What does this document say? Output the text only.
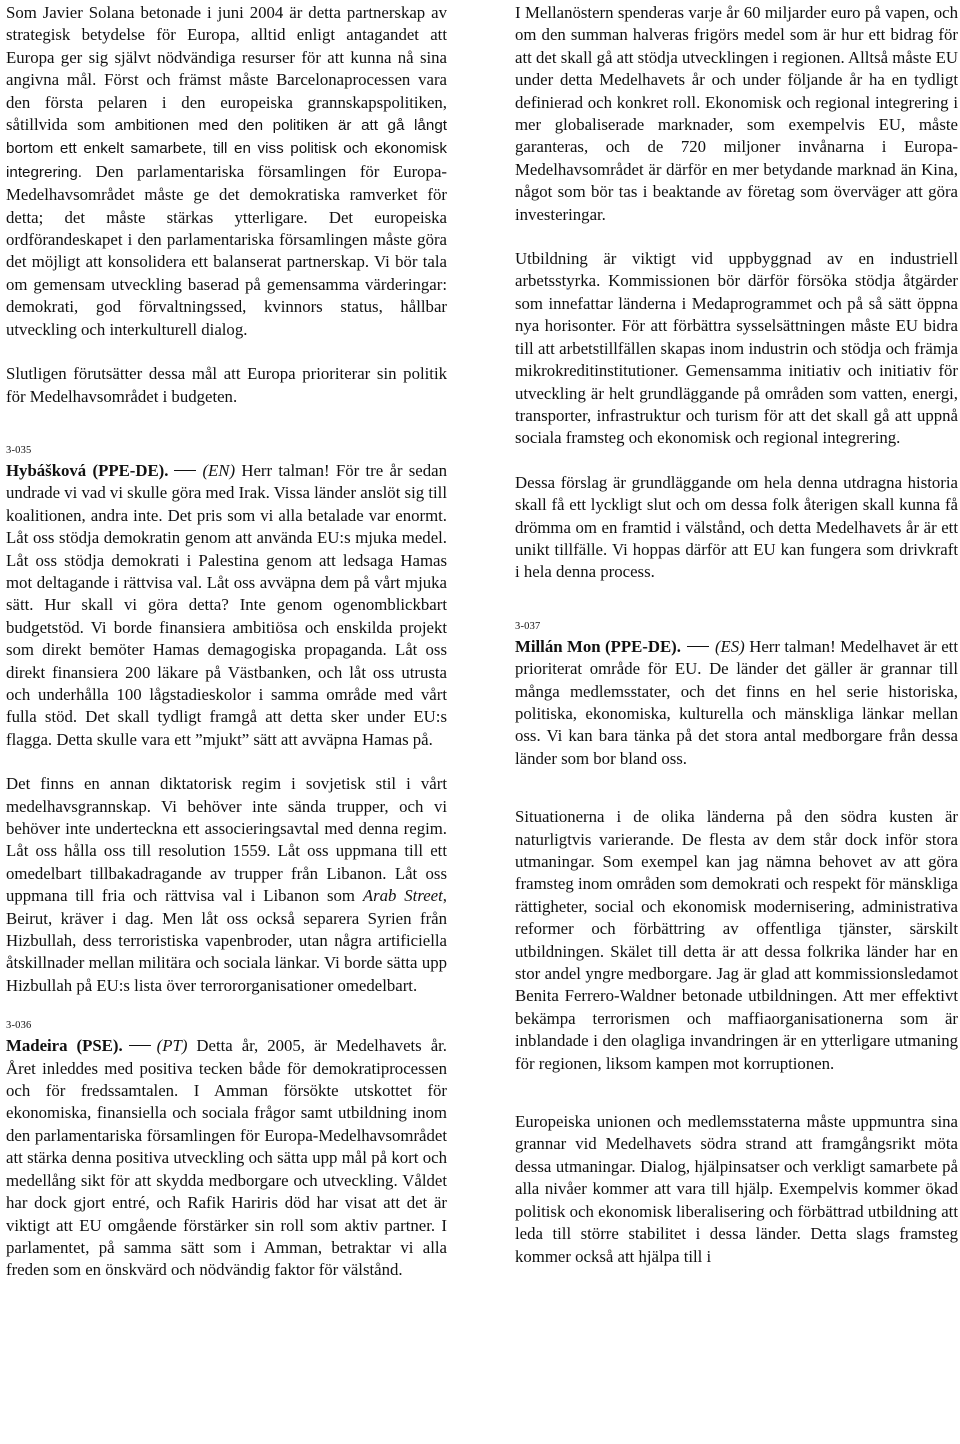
Som Javier Solana betonade i juni 2004 är detta partnerskap av strategisk betydelse för Europa, alltid enligt antagandet att Europa ger sig självt nödvändiga resurser för att kunna nå sina angivna mål. Först och främst måste Barcelonaprocessen vara den första pelaren i den europeiska grannskapspolitiken, såtillvida som ambitionen med den politiken är att gå långt bortom ett enkelt samarbete, till en viss politisk och ekonomisk integrering. Den parlamentariska församlingen för Europa-Medelhavsområdet måste ge det demokratiska ramverket för detta; det måste stärkas ytterligare. Det europeiska ordförandeskapet i den parlamentariska församlingen måste göra det möjligt att konsolidera ett balanserat partnerskap. Vi bör tala om gemensam utveckling baserad på gemensamma värderingar: demokrati, god förvaltningssed, kvinnors status, hållbar utveckling och interkulturell dialog.

Slutligen förutsätter dessa mål att Europa prioriterar sin politik för Medelhavsområdet i budgeten.

3-035

Hybášková (PPE-DE). (EN) Herr talman! För tre år sedan undrade vi vad vi skulle göra med Irak. Vissa länder anslöt sig till koalitionen, andra inte. Det pris som vi alla betalade var enormt. Låt oss stödja demokratin genom att använda EU:s mjuka medel. Låt oss stödja demokrati i Palestina genom att ledsaga Hamas mot deltagande i rättvisa val. Låt oss avväpna dem på vårt mjuka sätt. Hur skall vi göra detta? Inte genom ogenomblickbart budgetstöd. Vi borde finansiera ambitiösa och enskilda projekt som direkt bemöter Hamas demagogiska propaganda. Låt oss direkt finansiera 200 läkare på Västbanken, och låt oss utrusta och underhålla 100 lågstadieskolor i samma område med vårt fulla stöd. Det skall tydligt framgå att detta sker under EU:s flagga. Detta skulle vara ett ”mjukt” sätt att avväpna Hamas på.

Det finns en annan diktatorisk regim i sovjetisk stil i vårt medelhavsgrannskap. Vi behöver inte sända trupper, och vi behöver inte underteckna ett associeringsavtal med denna regim. Låt oss hålla oss till resolution 1559. Låt oss uppmana till ett omedelbart tillbakadragande av trupper från Libanon. Låt oss uppmana till fria och rättvisa val i Libanon som Arab Street, Beirut, kräver i dag. Men låt oss också separera Syrien från Hizbullah, dess terroristiska vapenbroder, utan några artificiella åtskillnader mellan militära och sociala länkar. Vi borde sätta upp Hizbullah på EU:s lista över terrororganisationer omedelbart.

3-036

Madeira (PSE). (PT) Detta år, 2005, är Medelhavets år. Året inleddes med positiva tecken både för demokratiprocessen och för fredssamtalen. I Amman försökte utskottet för ekonomiska, finansiella och sociala frågor samt utbildning inom den parlamentariska församlingen för Europa-Medelhavsområdet att stärka denna positiva utveckling och sätta upp mål på kort och medellång sikt för att skydda medborgare och utveckling. Våldet har dock gjort entré, och Rafik Hariris död har visat att det är viktigt att EU omgående förstärker sin roll som aktiv partner. I parlamentet, på samma sätt som i Amman, betraktar vi alla freden som en önskvärd och nödvändig faktor för välstånd.

I Mellanöstern spenderas varje år 60 miljarder euro på vapen, och om den summan halveras frigörs medel som är hur ett bidrag för att det skall gå att stödja utvecklingen i regionen. Alltså måste EU under detta Medelhavets år och under följande år ha en tydligt definierad och konkret roll. Ekonomisk och regional integrering i mer globaliserade marknader, som exempelvis EU, måste garanteras, och de 720 miljoner invånarna i Europa-Medelhavsområdet är därför en mer betydande marknad än Kina, något som bör tas i beaktande av företag som överväger att göra investeringar.

Utbildning är viktigt vid uppbyggnad av en industriell arbetsstyrka. Kommissionen bör därför försöka stödja åtgärder som innefattar länderna i Medaprogrammet och på så sätt öppna nya horisonter. För att förbättra sysselsättningen måste EU bidra till att arbetstillfällen skapas inom industrin och stödja och främja mikrokreditinstitutioner. Gemensamma initiativ och initiativ för utveckling är helt grundläggande på områden som vatten, energi, transporter, infrastruktur och turism för att det skall gå att uppnå sociala framsteg och ekonomisk och regional integrering.

Dessa förslag är grundläggande om hela denna utdragna historia skall få ett lyckligt slut och om dessa folk återigen skall kunna få drömma om en framtid i välstånd, och detta Medelhavets år är ett unikt tillfälle. Vi hoppas därför att EU kan fungera som drivkraft i hela denna process.

3-037

Millán Mon (PPE-DE). (ES) Herr talman! Medelhavet är ett prioriterat område för EU. De länder det gäller är grannar till många medlemsstater, och det finns en hel serie historiska, politiska, ekonomiska, kulturella och mänskliga länkar mellan oss. Vi kan bara tänka på det stora antal medborgare från dessa länder som bor bland oss.

Situationerna i de olika länderna på den södra kusten är naturligtvis varierande. De flesta av dem står dock inför stora utmaningar. Som exempel kan jag nämna behovet av att göra framsteg inom områden som demokrati och respekt för mänskliga rättigheter, social och ekonomisk modernisering, administrativa reformer och förbättring av offentliga tjänster, särskilt utbildningen. Skälet till detta är att dessa folkrika länder har en stor andel yngre medborgare. Jag är glad att kommissionsledamot Benita Ferrero-Waldner betonade utbildningen. Att mer effektivt bekämpa terrorismen och maffiaorganisationerna som är inblandade i den olagliga invandringen är en ytterligare utmaning för regionen, liksom kampen mot korruptionen.

Europeiska unionen och medlemsstaterna måste uppmuntra sina grannar vid Medelhavets södra strand att framgångsrikt möta dessa utmaningar. Dialog, hjälpinsatser och verkligt samarbete på alla nivåer kommer att vara till hjälp. Exempelvis kommer ökad politisk och ekonomisk liberalisering och förbättrad utbildning att leda till större stabilitet i dessa länder. Detta slags framsteg kommer också att hjälpa till i
